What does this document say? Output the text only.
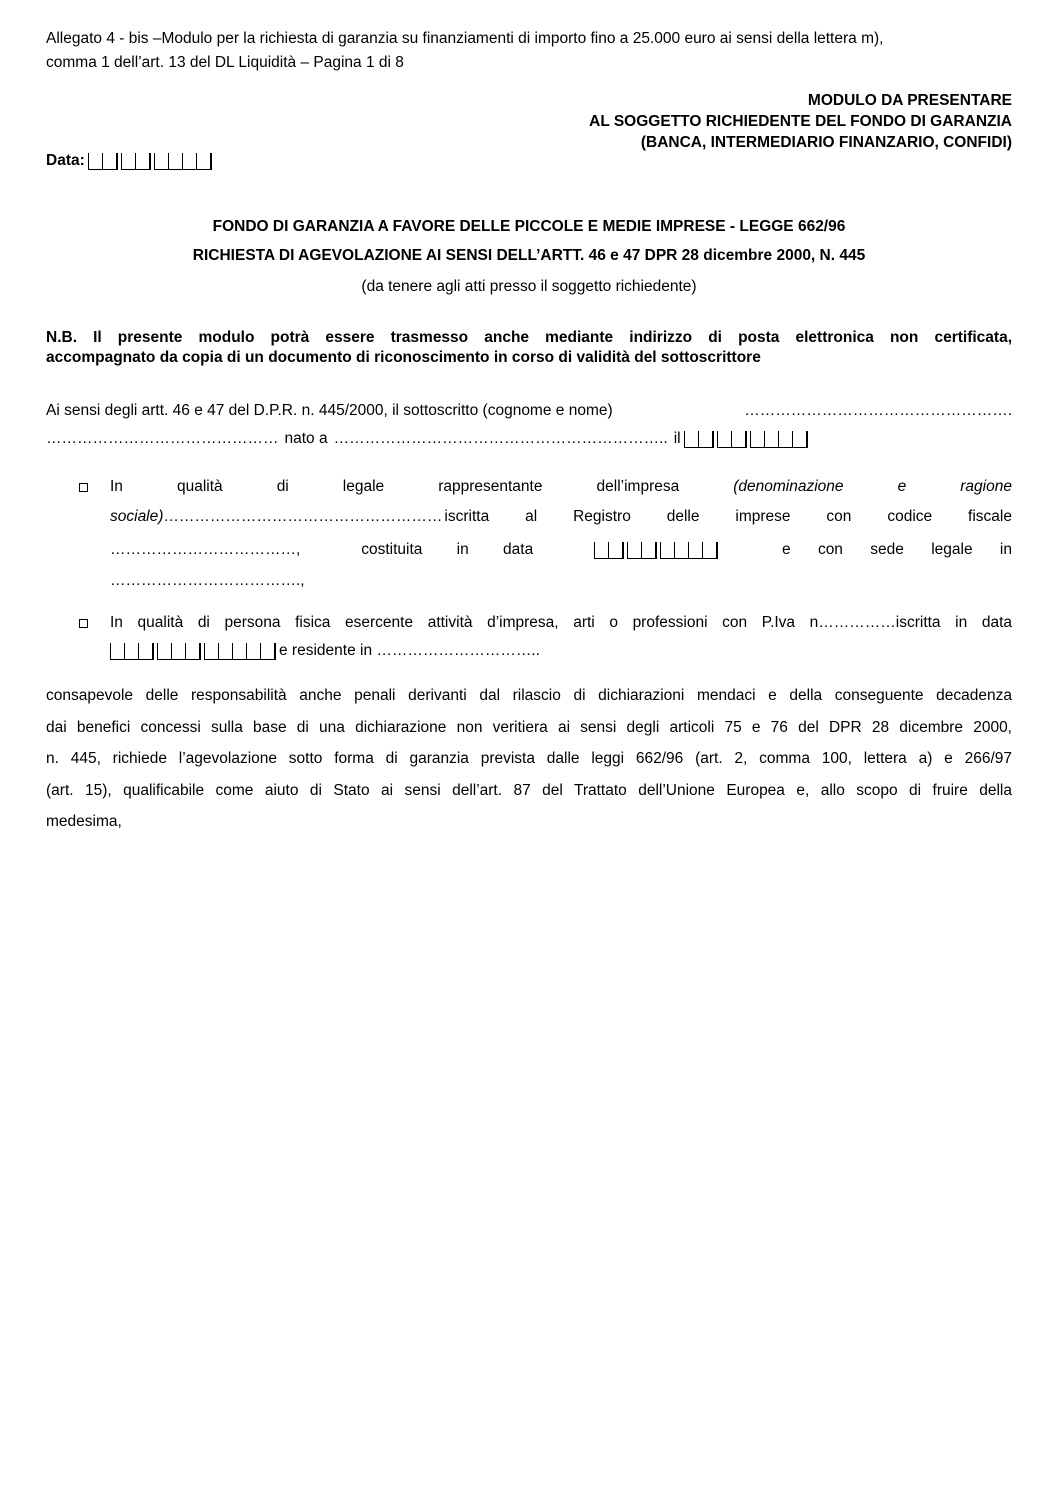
Allegato 4 - bis –Modulo per la richiesta di garanzia su finanziamenti di importo fino a 25.000 euro ai sensi della lettera m),
comma 1 dell’art. 13 del DL Liquidità – Pagina 1 di 8
MODULO DA PRESENTARE
AL SOGGETTO RICHIEDENTE DEL FONDO DI GARANZIA
(BANCA, INTERMEDIARIO FINANZARIO, CONFIDI)
Data:
FONDO DI GARANZIA A FAVORE DELLE PICCOLE E MEDIE IMPRESE - LEGGE 662/96
RICHIESTA DI AGEVOLAZIONE AI SENSI DELL’ARTT. 46 e 47 DPR 28 dicembre 2000, N. 445
(da tenere agli atti presso il soggetto richiedente)
N.B. Il presente modulo potrà essere trasmesso anche mediante indirizzo di posta elettronica non certificata,
accompagnato da copia di un documento di riconoscimento in corso di validità del sottoscrittore
Ai sensi degli artt. 46 e 47 del D.P.R. n. 445/2000, il sottoscritto (cognome e nome)	…………………………………………….
……………………………………… nato a ……………………………………………………….. il
In	qualità	di	legale	rappresentante	dell’impresa	(denominazione	e	ragione
sociale)……………………………………………… iscritta al Registro delle imprese con codice fiscale
………………………………,	costituita in data	e con sede legale in
……………………………….,
In qualità di persona fisica esercente attività d’impresa, arti o professioni con P.Iva n……………iscritta in data
e residente in …………………………..
consapevole delle responsabilità anche penali derivanti dal rilascio di dichiarazioni mendaci e della conseguente decadenza
dai benefici concessi sulla base di una dichiarazione non veritiera ai sensi degli articoli 75 e 76 del DPR 28 dicembre 2000,
n. 445, richiede l’agevolazione sotto forma di garanzia prevista dalle leggi 662/96 (art. 2, comma 100, lettera a) e 266/97
(art. 15), qualificabile come aiuto di Stato ai sensi dell’art. 87 del Trattato dell’Unione Europea e, allo scopo di fruire della
medesima,
